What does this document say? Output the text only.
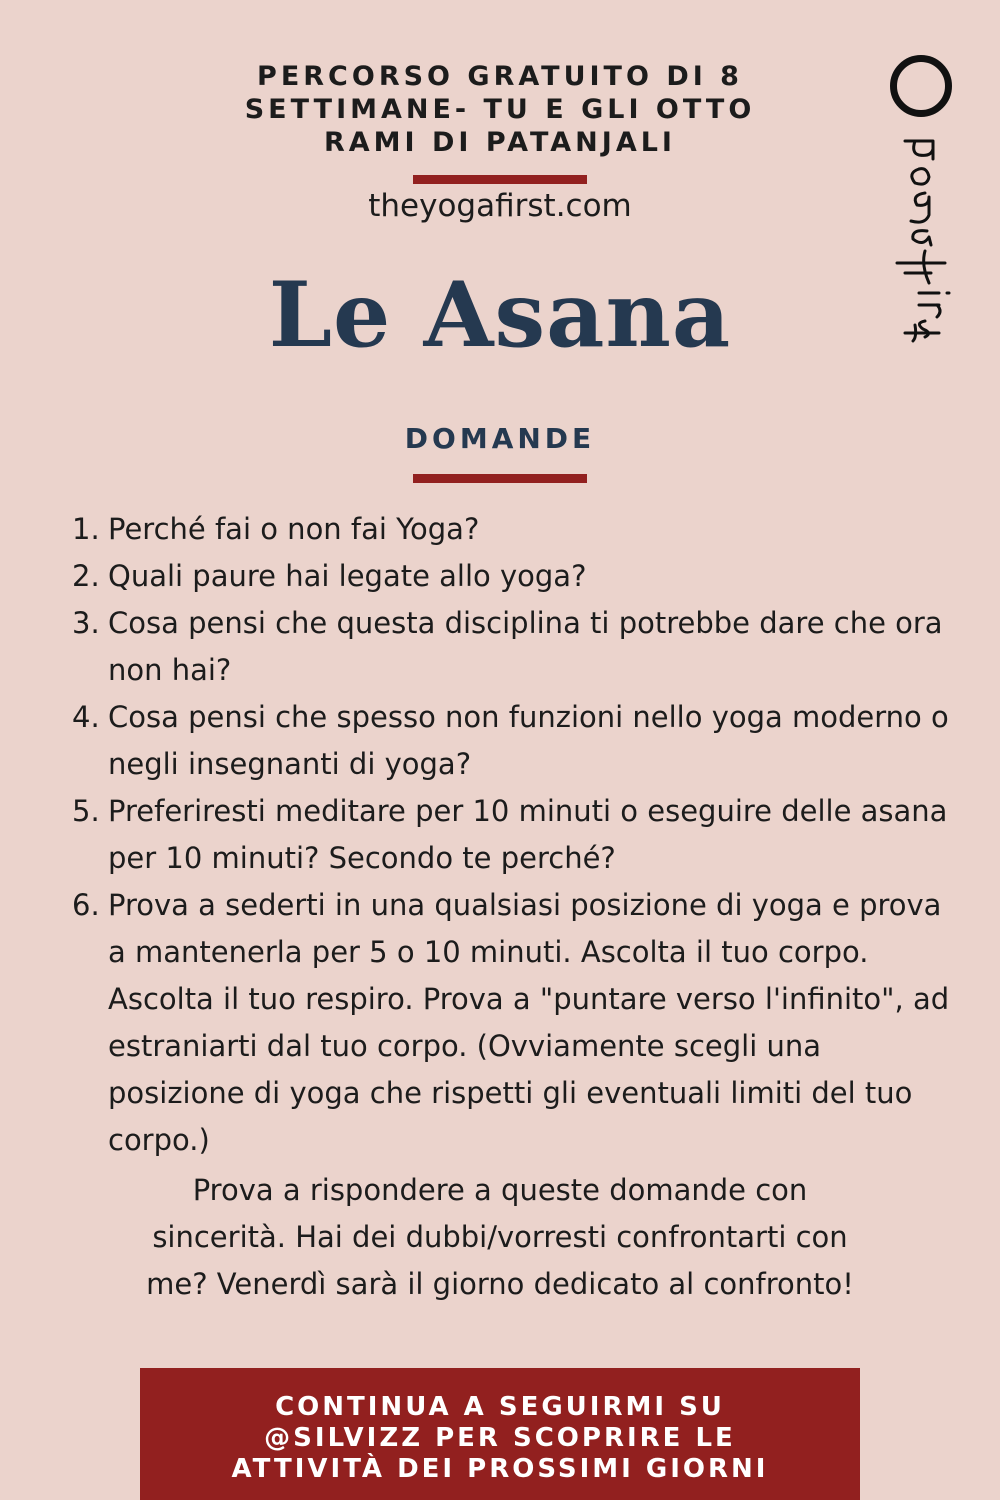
PERCORSO GRATUITO DI 8
SETTIMANE- TU E GLI OTTO
RAMI DI PATANJALI
theyogafirst.com
Le Asana
DOMANDE
1. Perché fai o non fai Yoga?
2. Quali paure hai legate allo yoga?
3. Cosa pensi che questa disciplina ti potrebbe dare che ora non hai?
4. Cosa pensi che spesso non funzioni nello yoga moderno o negli insegnanti di yoga?
5. Preferiresti meditare per 10 minuti o eseguire delle asana per 10 minuti? Secondo te perché?
6. Prova a sederti in una qualsiasi posizione di yoga e prova a mantenerla per 5 o 10 minuti. Ascolta il tuo corpo. Ascolta il tuo respiro. Prova a "puntare verso l'infinito", ad estraniarti dal tuo corpo. (Ovviamente scegli una posizione di yoga che rispetti gli eventuali limiti del tuo corpo.)
Prova a rispondere a queste domande con sincerità. Hai dei dubbi/vorresti confrontarti con me? Venerdì sarà il giorno dedicato al confronto!
CONTINUA A SEGUIRMI SU
@SILVIZZ PER SCOPRIRE LE
ATTIVITÀ DEI PROSSIMI GIORNI
